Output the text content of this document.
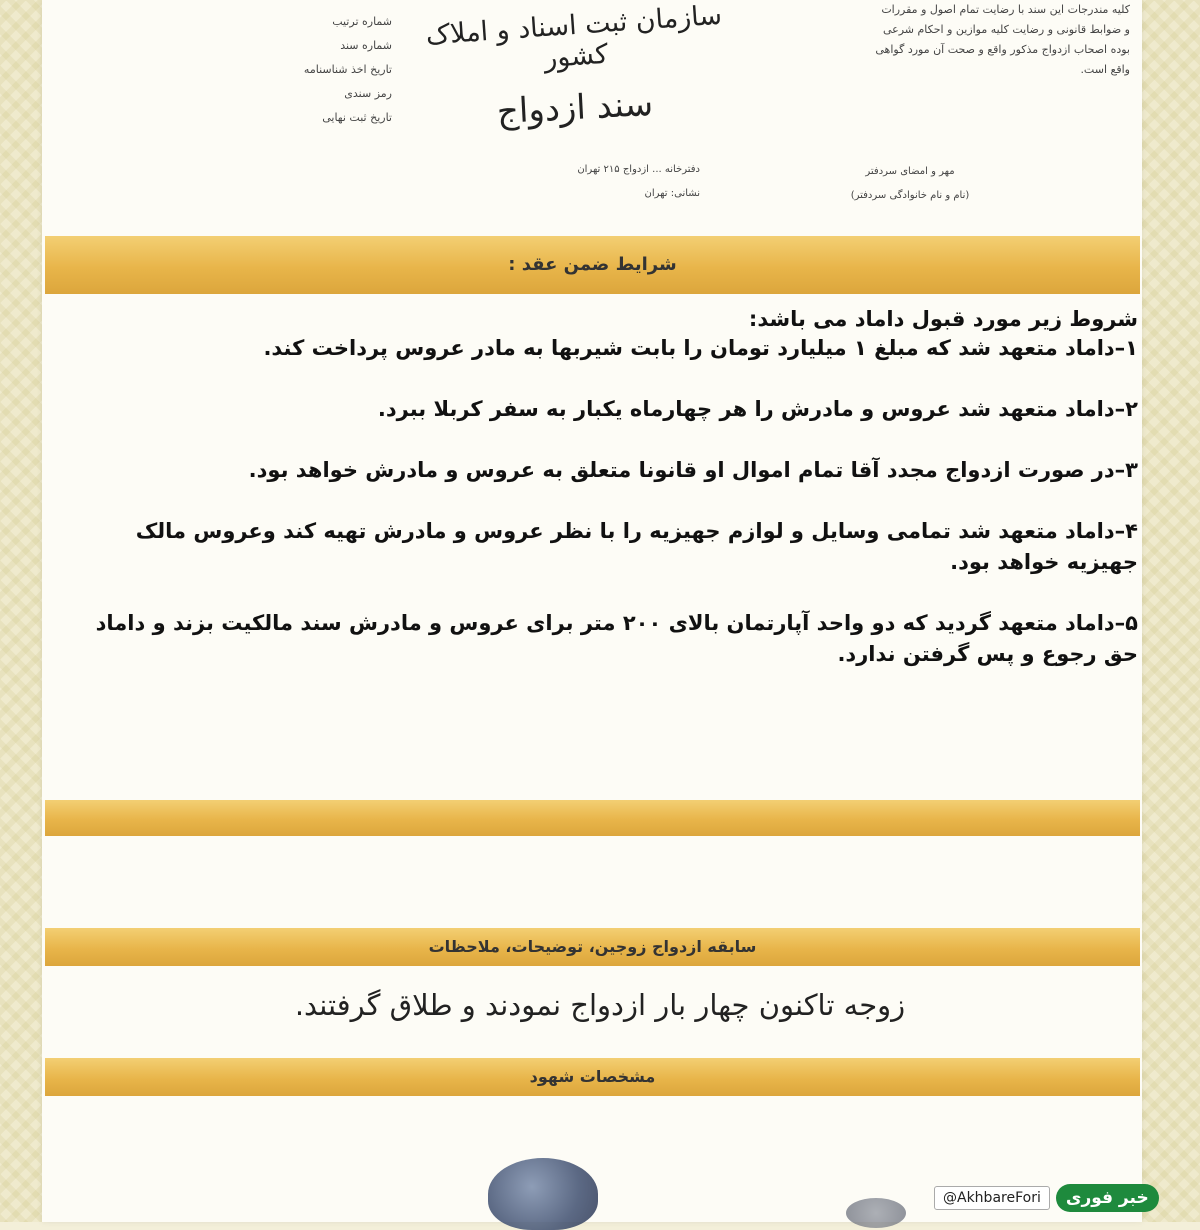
کلیه مندرجات این سند با رضایت تمام اصول و مقررات
و ضوابط قانونی و رضایت کلیه موازین و احکام شرعی
بوده اصحاب ازدواج مذکور واقع و صحت آن مورد گواهی
واقع است.
شماره ترتیب
شماره سند
تاریخ اخذ شناسنامه
رمز سندی
تاریخ ثبت نهایی
سازمان ثبت اسناد و املاک کشور
سند ازدواج
دفترخانه ... ازدواج ۲۱۵ تهران
نشانی: تهران
مهر و امضای سردفتر
(نام و نام خانوادگی سردفتر)
شرایط ضمن عقد :
شروط زیر مورد قبول داماد می باشد:
۱–داماد متعهد شد که مبلغ ۱ میلیارد تومان را بابت شیربها به مادر عروس پرداخت کند.
۲–داماد متعهد شد عروس و مادرش را هر چهارماه یکبار به سفر کربلا ببرد.
۳–در صورت ازدواج مجدد آقا تمام اموال او قانونا متعلق به عروس و مادرش خواهد بود.
۴–داماد متعهد شد تمامی وسایل و لوازم جهیزیه را با نظر عروس و مادرش تهیه کند وعروس مالک جهیزیه خواهد بود.
۵–داماد متعهد گردید که دو واحد آپارتمان بالای ۲۰۰ متر برای عروس و مادرش سند مالکیت بزند و داماد حق رجوع و پس گرفتن ندارد.
سابقه ازدواج زوجین، توضیحات، ملاحظات
زوجه تاکنون چهار بار ازدواج نمودند و طلاق گرفتند.
مشخصات شهود
@AkhbareFori	خبر فوری
